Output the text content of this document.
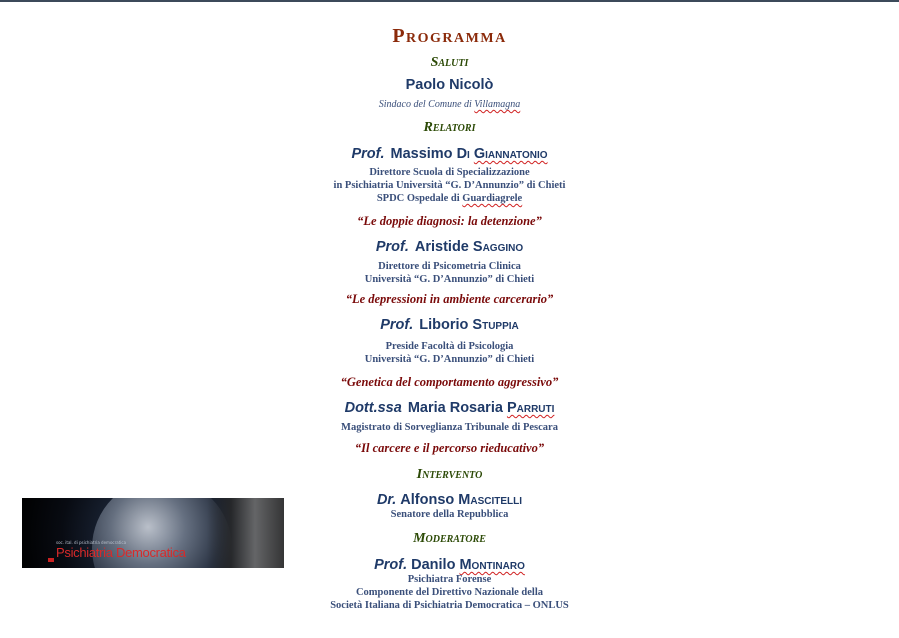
Programma
Saluti
Paolo Nicolò
Sindaco del Comune di Villamagna
Relatori
Prof. Massimo Di Giannatonio
Direttore Scuola di Specializzazione
in Psichiatria Università “G. D’Annunzio” di Chieti
SPDC Ospedale di Guardiagrele
“Le doppie diagnosi: la detenzione”
Prof. Aristide Saggino
Direttore di Psicometria Clinica
Università “G. D’Annunzio” di Chieti
“Le depressioni in ambiente carcerario”
Prof. Liborio Stuppia
Preside Facoltà di Psicologia
Università “G. D’Annunzio” di Chieti
“Genetica del comportamento aggressivo”
Dott.ssa Maria Rosaria Parruti
Magistrato di Sorveglianza Tribunale di Pescara
“Il carcere e il percorso rieducativo”
Intervento
Dr. Alfonso Mascitelli
Senatore della Repubblica
Moderatore
Prof. Danilo Montinaro
Psichiatra Forense
Componente del Direttivo Nazionale della
Società Italiana di Psichiatria Democratica – ONLUS
soc. ital. di psichiatria democratica
Psichiatria Democratica
